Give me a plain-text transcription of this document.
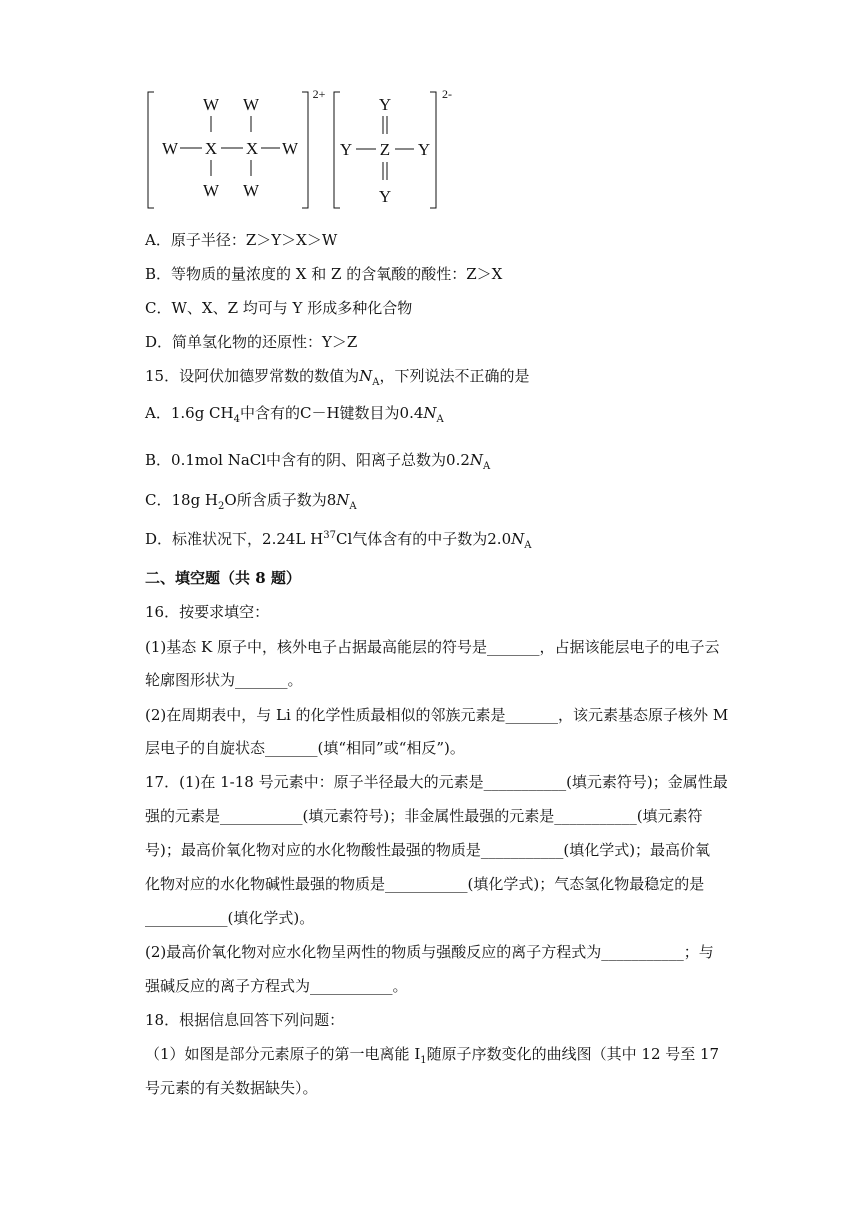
W W
W X X W
W W
2+
Y
Y Z Y
Y
2-
A．原子半径：Z＞Y＞X＞W
B．等物质的量浓度的 X 和 Z 的含氧酸的酸性：Z＞X
C．W、X、Z 均可与 Y 形成多种化合物
D．简单氢化物的还原性：Y＞Z
15．设阿伏加德罗常数的数值为$N_A$，下列说法不正确的是
A．1.6g $CH_4$中含有的C－H键数目为$0.4N_A$
B．0.1mol NaCl中含有的阴、阳离子总数为$0.2N_A$
C．18g $H_2O$所含质子数为$8N_A$
D．标准状况下，2.24L $H^{37}Cl$气体含有的中子数为$2.0N_A$
二、填空题（共 8 题）
16．按要求填空：
(1)基态 K 原子中，核外电子占据最高能层的符号是_______，占据该能层电子的电子云
轮廓图形状为_______。
(2)在周期表中，与 Li 的化学性质最相似的邻族元素是_______，该元素基态原子核外 M
层电子的自旋状态_______(填“相同”或“相反”)。
17．(1)在 1-18 号元素中：原子半径最大的元素是___________(填元素符号)；金属性最
强的元素是___________(填元素符号)；非金属性最强的元素是___________(填元素符
号)；最高价氧化物对应的水化物酸性最强的物质是___________(填化学式)；最高价氧
化物对应的水化物碱性最强的物质是___________(填化学式)；气态氢化物最稳定的是
___________(填化学式)。
(2)最高价氧化物对应水化物呈两性的物质与强酸反应的离子方程式为___________；与
强碱反应的离子方程式为___________。
18．根据信息回答下列问题：
（1）如图是部分元素原子的第一电离能 $I_1$随原子序数变化的曲线图（其中 12 号至 17
号元素的有关数据缺失）。
